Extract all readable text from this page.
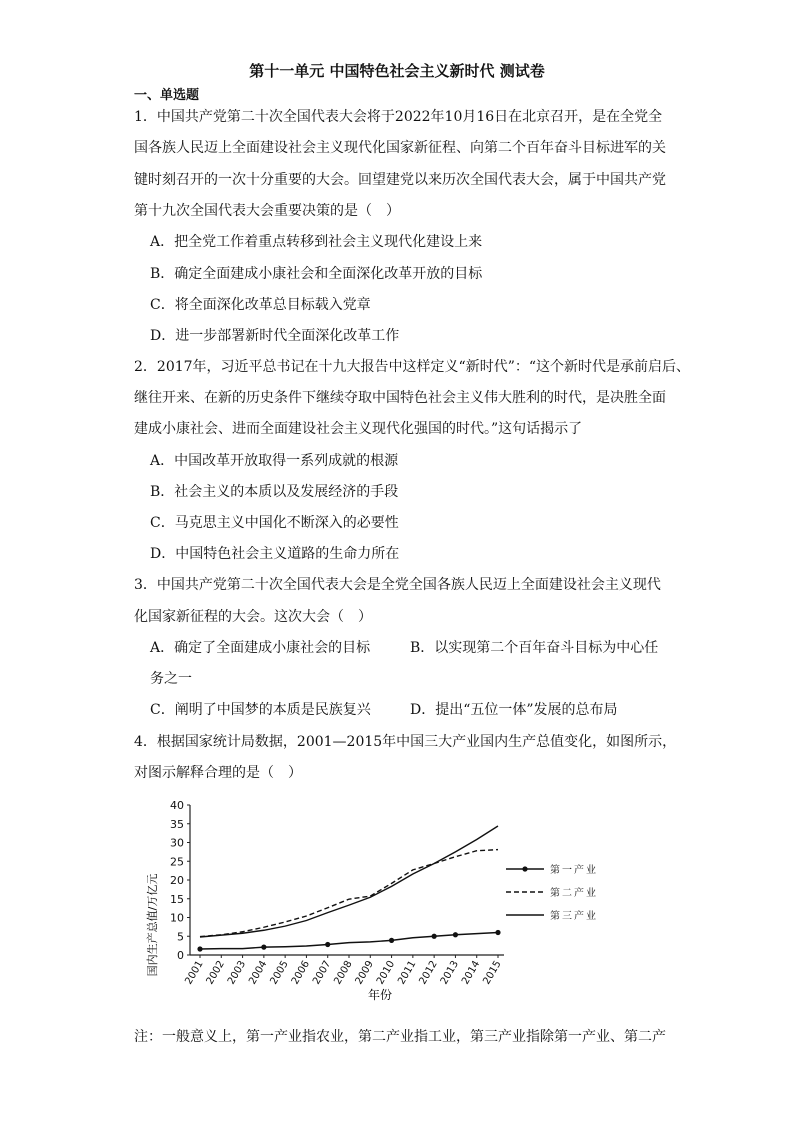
第十一单元 中国特色社会主义新时代 测试卷
一、单选题
1．中国共产党第二十次全国代表大会将于2022年10月16日在北京召开，是在全党全
国各族人民迈上全面建设社会主义现代化国家新征程、向第二个百年奋斗目标进军的关
键时刻召开的一次十分重要的大会。回望建党以来历次全国代表大会，属于中国共产党
第十九次全国代表大会重要决策的是（　）
A．把全党工作着重点转移到社会主义现代化建设上来
B．确定全面建成小康社会和全面深化改革开放的目标
C．将全面深化改革总目标载入党章
D．进一步部署新时代全面深化改革工作
2．2017年，习近平总书记在十九大报告中这样定义“新时代”：“这个新时代是承前启后、
继往开来、在新的历史条件下继续夺取中国特色社会主义伟大胜利的时代，是决胜全面
建成小康社会、进而全面建设社会主义现代化强国的时代。”这句话揭示了
A．中国改革开放取得一系列成就的根源
B．社会主义的本质以及发展经济的手段
C．马克思主义中国化不断深入的必要性
D．中国特色社会主义道路的生命力所在
3．中国共产党第二十次全国代表大会是全党全国各族人民迈上全面建设社会主义现代
化国家新征程的大会。这次大会（　）
A．确定了全面建成小康社会的目标	B．以实现第二个百年奋斗目标为中心任
务之一
C．阐明了中国梦的本质是民族复兴	D．提出“五位一体”发展的总布局
4．根据国家统计局数据，2001—2015年中国三大产业国内生产总值变化，如图所示，
对图示解释合理的是（　）
0
5
10
15
20
25
30
35
40
2001 2002 2003 2004 2005 2006 2007 2008 2009 2010 2011 2012 2013 2014 2015
第一产业
第二产业
第三产业
国内生产总值/万亿元
年份
注：一般意义上，第一产业指农业，第二产业指工业，第三产业指除第一产业、第二产
